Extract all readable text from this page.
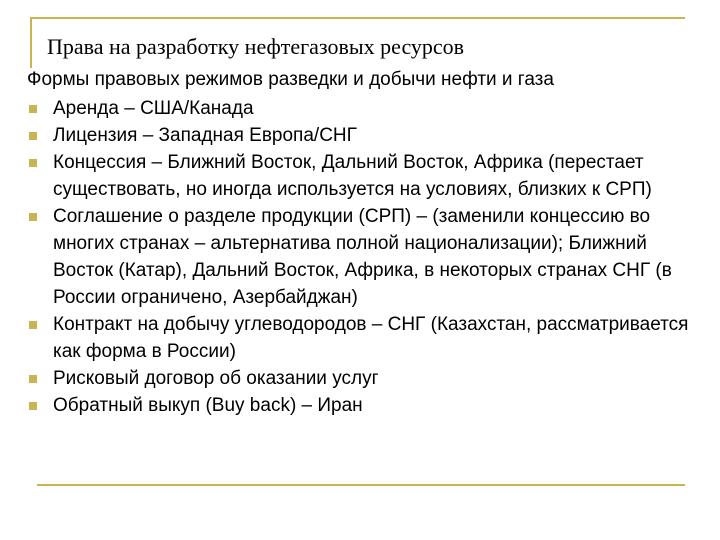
Права на разработку нефтегазовых ресурсов

Формы правовых режимов разведки и добычи нефти и газа

Аренда – США/Канада
Лицензия – Западная Европа/СНГ
Концессия – Ближний Восток, Дальний Восток, Африка (перестает существовать, но иногда используется на условиях, близких к СРП)
Соглашение о разделе продукции (СРП) – (заменили концессию во многих странах – альтернатива полной национализации); Ближний Восток (Катар), Дальний Восток, Африка, в некоторых странах СНГ (в России ограничено, Азербайджан)
Контракт на добычу углеводородов – СНГ (Казахстан, рассматривается как форма в России)
Рисковый договор об оказании услуг
Обратный выкуп (Buy back) – Иран
